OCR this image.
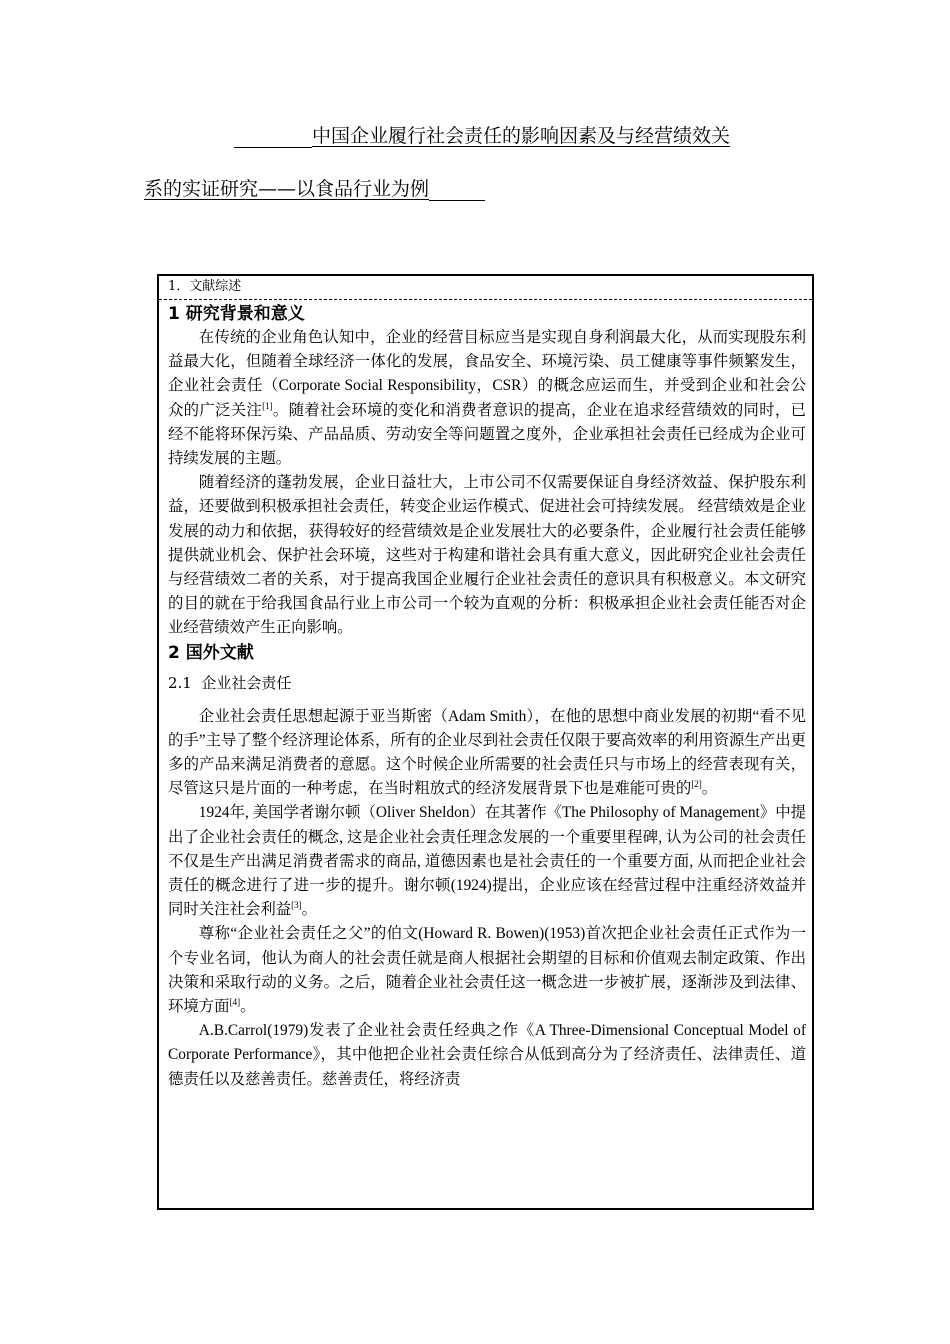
中国企业履行社会责任的影响因素及与经营绩效关
系的实证研究——以食品行业为例
1．文献综述
1 研究背景和意义

在传统的企业角色认知中，企业的经营目标应当是实现自身利润最大化，从而实现股东利益最大化，但随着全球经济一体化的发展，食品安全、环境污染、员工健康等事件频繁发生，企业社会责任（Corporate Social Responsibility，CSR）的概念应运而生，并受到企业和社会公众的广泛关注[1]。随着社会环境的变化和消费者意识的提高，企业在追求经营绩效的同时，已经不能将环保污染、产品品质、劳动安全等问题置之度外，企业承担社会责任已经成为企业可持续发展的主题。

随着经济的蓬勃发展，企业日益壮大，上市公司不仅需要保证自身经济效益、保护股东利益，还要做到积极承担社会责任，转变企业运作模式、促进社会可持续发展。 经营绩效是企业发展的动力和依据，获得较好的经营绩效是企业发展壮大的必要条件，企业履行社会责任能够提供就业机会、保护社会环境，这些对于构建和谐社会具有重大意义，因此研究企业社会责任与经营绩效二者的关系，对于提高我国企业履行企业社会责任的意识具有积极意义。本文研究的目的就在于给我国食品行业上市公司一个较为直观的分析：积极承担企业社会责任能否对企业经营绩效产生正向影响。

2 国外文献
2.1 企业社会责任

企业社会责任思想起源于亚当斯密（Adam Smith），在他的思想中商业发展的初期“看不见的手”主导了整个经济理论体系，所有的企业尽到社会责任仅限于要高效率的利用资源生产出更多的产品来满足消费者的意愿。这个时候企业所需要的社会责任只与市场上的经营表现有关，尽管这只是片面的一种考虑，在当时粗放式的经济发展背景下也是难能可贵的[2]。

1924年, 美国学者谢尔顿（Oliver Sheldon）在其著作《The Philosophy of Management》中提出了企业社会责任的概念, 这是企业社会责任理念发展的一个重要里程碑, 认为公司的社会责任不仅是生产出满足消费者需求的商品, 道德因素也是社会责任的一个重要方面, 从而把企业社会责任的概念进行了进一步的提升。谢尔顿(1924)提出，企业应该在经营过程中注重经济效益并同时关注社会利益[3]。

尊称“企业社会责任之父”的伯文(Howard R. Bowen)(1953)首次把企业社会责任正式作为一个专业名词，他认为商人的社会责任就是商人根据社会期望的目标和价值观去制定政策、作出决策和采取行动的义务。之后，随着企业社会责任这一概念进一步被扩展，逐渐涉及到法律、环境方面[4]。

A.B.Carrol(1979)发表了企业社会责任经典之作《A Three-Dimensional Conceptual Model of Corporate Performance》，其中他把企业社会责任综合从低到高分为了经济责任、法律责任、道德责任以及慈善责任。慈善责任，将经济责
